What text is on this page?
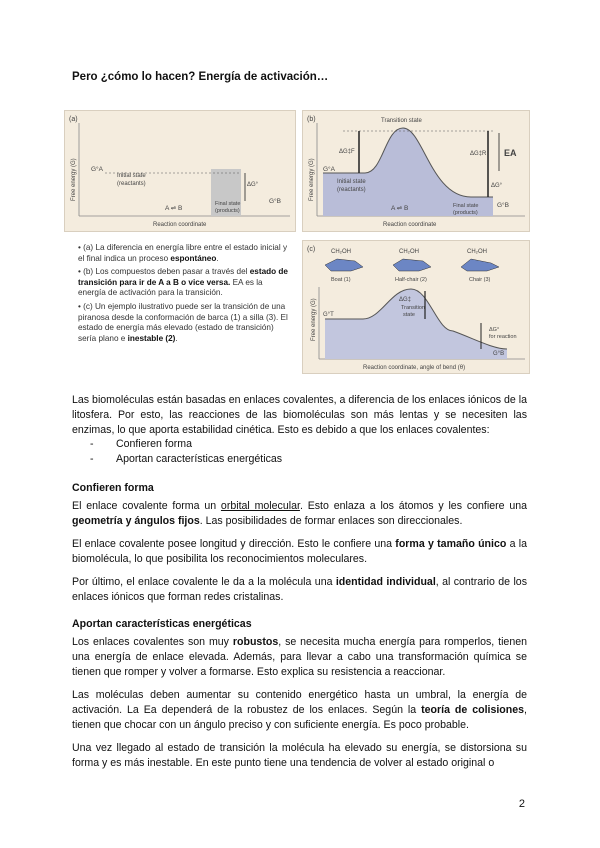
Pero ¿cómo lo hacen? Energía de activación…
(a)
Free energy (G) G°A
Initial state
(reactants)
A ⇌ B
ΔG°
Final state
(products)
G°B
Reaction coordinate
(b)
Free energy (G)
Transition state
ΔG‡F	ΔG‡R EA
G°A
Initial state
(reactants)
A ⇌ B
ΔG°
Final state
(products)
G°B
Reaction coordinate
(c)
Free energy (G)
CH₂OH	CH₂OH	CH₂OH
Boat (1)	Half-chair (2)	Chair (3)
ΔG‡
Transition
state
G°T
ΔG°
for reaction
G°B
Reaction coordinate, angle of bend (θ)
• (a) La diferencia en energía libre entre el estado inicial y el final indica un proceso espontáneo.
• (b) Los compuestos deben pasar a través del estado de transición para ir de A a B o vice versa. EA es la energía de activación para la transición.
• (c) Un ejemplo ilustrativo puede ser la transición de una piranosa desde la conformación de barca (1) a silla (3). El estado de energía más elevado (estado de transición) sería plano e inestable (2).
Las biomoléculas están basadas en enlaces covalentes, a diferencia de los enlaces iónicos de la litosfera. Por esto, las reacciones de las biomoléculas son más lentas y se necesiten las enzimas, lo que aporta estabilidad cinética. Esto es debido a que los enlaces covalentes:
- Confieren forma
- Aportan características energéticas
Confieren forma
El enlace covalente forma un orbital molecular. Esto enlaza a los átomos y les confiere una geometría y ángulos fijos. Las posibilidades de formar enlaces son direccionales.
El enlace covalente posee longitud y dirección. Esto le confiere una forma y tamaño único a la biomolécula, lo que posibilita los reconocimientos moleculares.
Por último, el enlace covalente le da a la molécula una identidad individual, al contrario de los enlaces iónicos que forman redes cristalinas.
Aportan características energéticas
Los enlaces covalentes son muy robustos, se necesita mucha energía para romperlos, tienen una energía de enlace elevada. Además, para llevar a cabo una transformación química se tienen que romper y volver a formarse. Esto explica su resistencia a reaccionar.
Las moléculas deben aumentar su contenido energético hasta un umbral, la energía de activación. La Ea dependerá de la robustez de los enlaces. Según la teoría de colisiones, tienen que chocar con un ángulo preciso y con suficiente energía. Es poco probable.
Una vez llegado al estado de transición la molécula ha elevado su energía, se distorsiona su forma y es más inestable. En este punto tiene una tendencia de volver al estado original o
2
